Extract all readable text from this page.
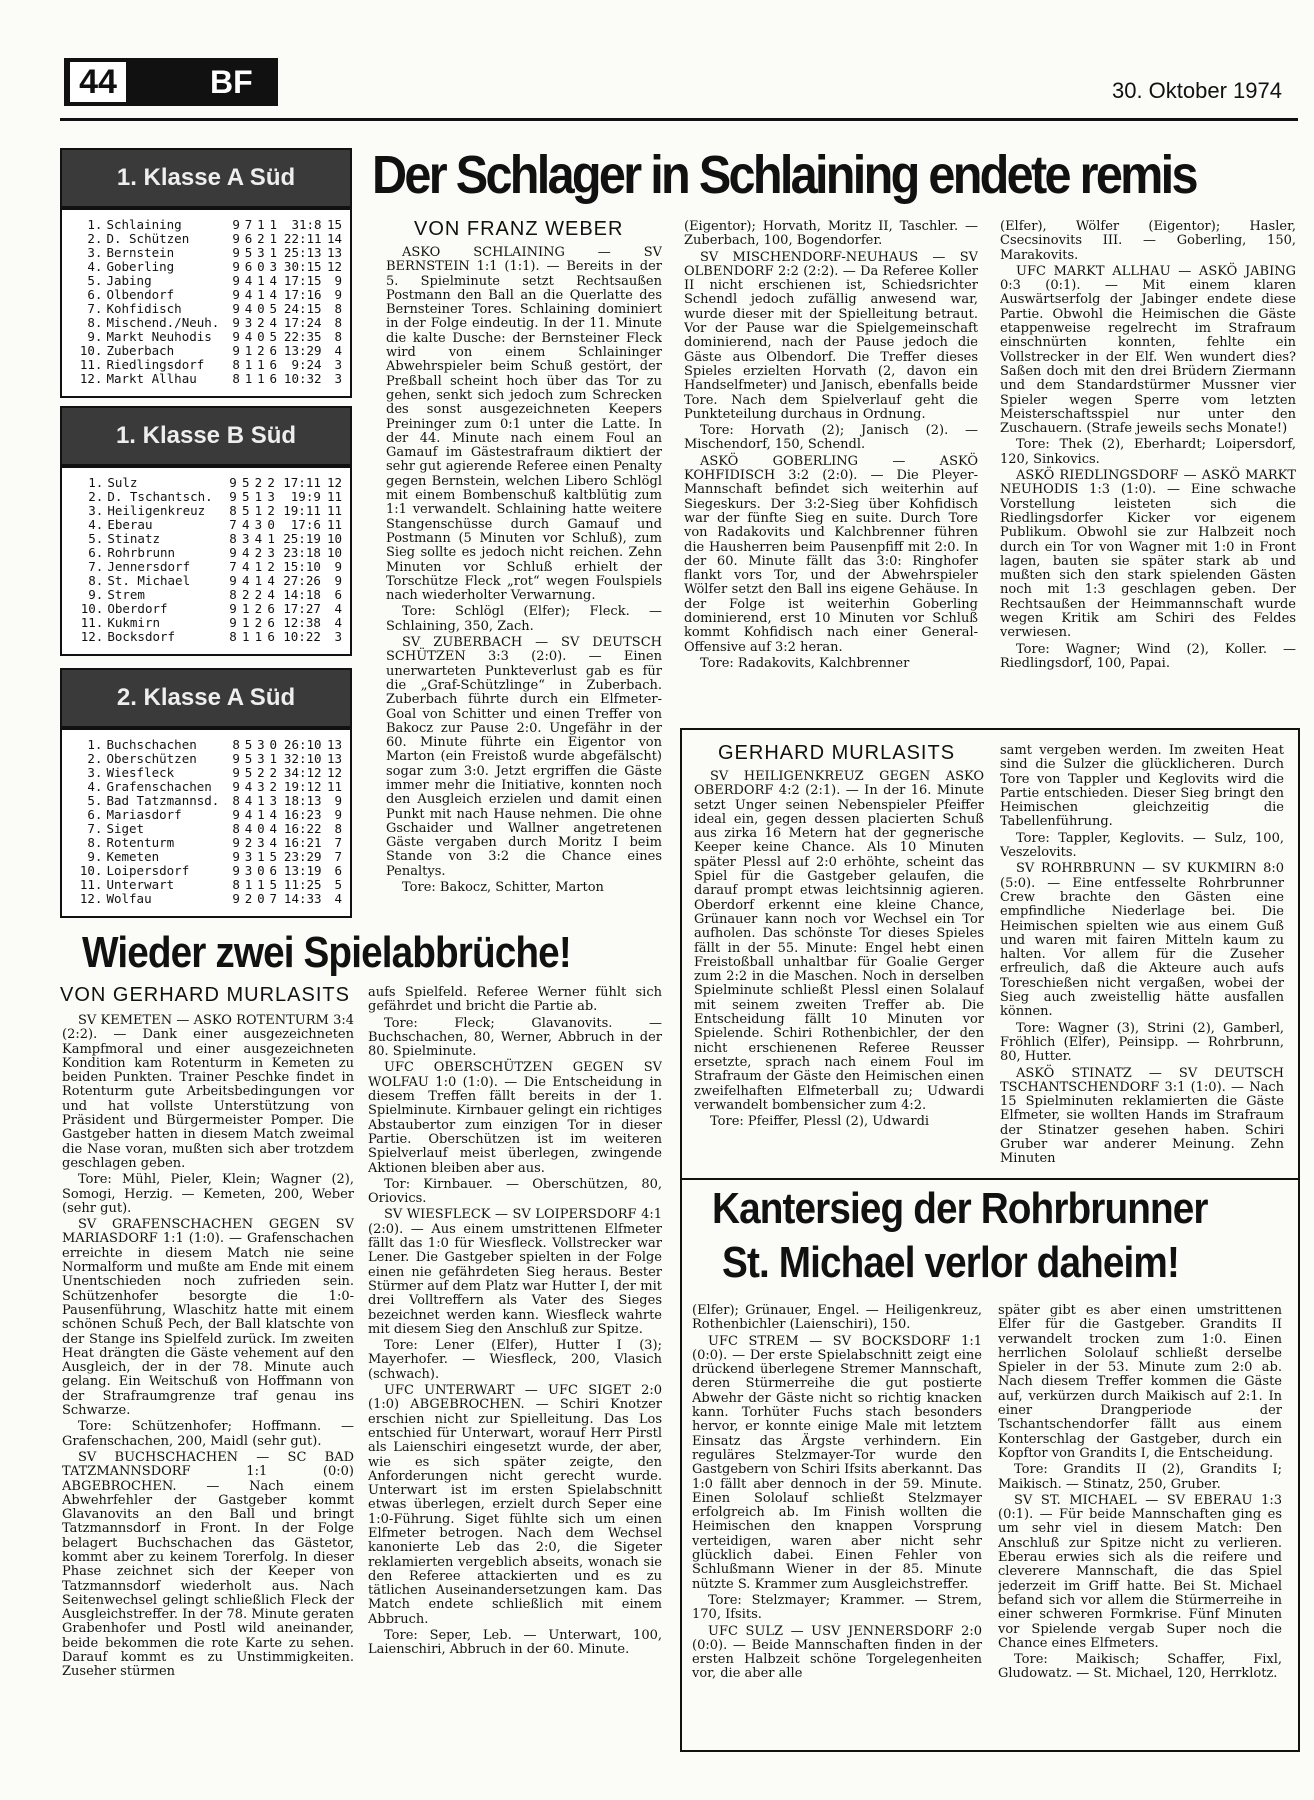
44	BF	30. Oktober 1974
1. Klasse A Süd
1.	Schlaining	9	7	1	1	31:8	15
2.	D. Schützen	9	6	2	1	22:11	14
3.	Bernstein	9	5	3	1	25:13	13
4.	Goberling	9	6	0	3	30:15	12
5.	Jabing	9	4	1	4	17:15	9
6.	Olbendorf	9	4	1	4	17:16	9
7.	Kohfidisch	9	4	0	5	24:15	8
8.	Mischend./Neuh.	9	3	2	4	17:24	8
9.	Markt Neuhodis	9	4	0	5	22:35	8
10.	Zuberbach	9	1	2	6	13:29	4
11.	Riedlingsdorf	8	1	1	6	9:24	3
12.	Markt Allhau	8	1	1	6	10:32	3
1. Klasse B Süd
1.	Sulz	9	5	2	2	17:11	12
2.	D. Tschantsch.	9	5	1	3	19:9	11
3.	Heiligenkreuz	8	5	1	2	19:11	11
4.	Eberau	7	4	3	0	17:6	11
5.	Stinatz	8	3	4	1	25:19	10
6.	Rohrbrunn	9	4	2	3	23:18	10
7.	Jennersdorf	7	4	1	2	15:10	9
8.	St. Michael	9	4	1	4	27:26	9
9.	Strem	8	2	2	4	14:18	6
10.	Oberdorf	9	1	2	6	17:27	4
11.	Kukmirn	9	1	2	6	12:38	4
12.	Bocksdorf	8	1	1	6	10:22	3
2. Klasse A Süd
1.	Buchschachen	8	5	3	0	26:10	13
2.	Oberschützen	9	5	3	1	32:10	13
3.	Wiesfleck	9	5	2	2	34:12	12
4.	Grafenschachen	9	4	3	2	19:12	11
5.	Bad Tatzmannsd.	8	4	1	3	18:13	9
6.	Mariasdorf	9	4	1	4	16:23	9
7.	Siget	8	4	0	4	16:22	8
8.	Rotenturm	9	2	3	4	16:21	7
9.	Kemeten	9	3	1	5	23:29	7
10.	Loipersdorf	9	3	0	6	13:19	6
11.	Unterwart	8	1	1	5	11:25	5
12.	Wolfau	9	2	0	7	14:33	4
Der Schlager in Schlaining endete remis
VON FRANZ WEBER

ASKÖ SCHLAINING — SV BERNSTEIN 1:1 (1:1). — Bereits in der 5. Spielminute setzt Rechtsaußen Postmann den Ball an die Querlatte des Bernsteiner Tores. Schlaining dominiert in der Folge eindeutig. In der 11. Minute die kalte Dusche: der Bernsteiner Fleck wird von einem Schlaininger Abwehrspieler beim Schuß gestört, der Preßball scheint hoch über das Tor zu gehen, senkt sich jedoch zum Schrecken des sonst ausgezeichneten Keepers Preininger zum 0:1 unter die Latte. In der 44. Minute nach einem Foul an Gamauf im Gästestrafraum diktiert der sehr gut agierende Referee einen Penalty gegen Bernstein, welchen Libero Schlögl mit einem Bombenschuß kaltblütig zum 1:1 verwandelt. Schlaining hatte weitere Stangenschüsse durch Gamauf und Postmann (5 Minuten vor Schluß), zum Sieg sollte es jedoch nicht reichen. Zehn Minuten vor Schluß erhielt der Torschütze Fleck „rot“ wegen Foulspiels nach wiederholter Verwarnung.

Tore: Schlögl (Elfer); Fleck. — Schlaining, 350, Zach.

SV ZUBERBACH — SV DEUTSCH SCHÜTZEN 3:3 (2:0). — Einen unerwarteten Punkteverlust gab es für die „Graf-Schützlinge“ in Zuberbach. Zuberbach führte durch ein Elfmeter-Goal von Schitter und einen Treffer von Bakocz zur Pause 2:0. Ungefähr in der 60. Minute führte ein Eigentor von Marton (ein Freistoß wurde abgefälscht) sogar zum 3:0. Jetzt ergriffen die Gäste immer mehr die Initiative, konnten noch den Ausgleich erzielen und damit einen Punkt mit nach Hause nehmen. Die ohne Gschaider und Wallner angetretenen Gäste vergaben durch Moritz I beim Stande von 3:2 die Chance eines Penaltys.

Tore: Bakocz, Schitter, Marton

(Eigentor); Horvath, Moritz II, Taschler. — Zuberbach, 100, Bogendorfer.

SV MISCHENDORF-NEUHAUS — SV OLBENDORF 2:2 (2:2). — Da Referee Koller II nicht erschienen ist, Schiedsrichter Schendl jedoch zufällig anwesend war, wurde dieser mit der Spielleitung betraut. Vor der Pause war die Spielgemeinschaft dominierend, nach der Pause jedoch die Gäste aus Olbendorf. Die Treffer dieses Spieles erzielten Horvath (2, davon ein Handselfmeter) und Janisch, ebenfalls beide Tore. Nach dem Spielverlauf geht die Punkteteilung durchaus in Ordnung.

Tore: Horvath (2); Janisch (2). — Mischendorf, 150, Schendl.

ASKÖ GOBERLING — ASKÖ KOHFIDISCH 3:2 (2:0). — Die Pleyer-Mannschaft befindet sich weiterhin auf Siegeskurs. Der 3:2-Sieg über Kohfidisch war der fünfte Sieg en suite. Durch Tore von Radakovits und Kalchbrenner führen die Hausherren beim Pausenpfiff mit 2:0. In der 60. Minute fällt das 3:0: Ringhofer flankt vors Tor, und der Abwehrspieler Wölfer setzt den Ball ins eigene Gehäuse. In der Folge ist weiterhin Goberling dominierend, erst 10 Minuten vor Schluß kommt Kohfidisch nach einer General-Offensive auf 3:2 heran.

Tore: Radakovits, Kalchbrenner

(Elfer), Wölfer (Eigentor); Hasler, Csecsinovits III. — Goberling, 150, Marakovits.

UFC MARKT ALLHAU — ASKÖ JABING 0:3 (0:1). — Mit einem klaren Auswärtserfolg der Jabinger endete diese Partie. Obwohl die Heimischen die Gäste etappenweise regelrecht im Strafraum einschnürten konnten, fehlte ein Vollstrecker in der Elf. Wen wundert dies? Saßen doch mit den drei Brüdern Ziermann und dem Standardstürmer Mussner vier Spieler wegen Sperre vom letzten Meisterschaftsspiel nur unter den Zuschauern. (Strafe jeweils sechs Monate!)

Tore: Thek (2), Eberhardt; Loipersdorf, 120, Sinkovics.

ASKÖ RIEDLINGSDORF — ASKÖ MARKT NEUHODIS 1:3 (1:0). — Eine schwache Vorstellung leisteten sich die Riedlingsdorfer Kicker vor eigenem Publikum. Obwohl sie zur Halbzeit noch durch ein Tor von Wagner mit 1:0 in Front lagen, bauten sie später stark ab und mußten sich den stark spielenden Gästen noch mit 1:3 geschlagen geben. Der Rechtsaußen der Heimmannschaft wurde wegen Kritik am Schiri des Feldes verwiesen.

Tore: Wagner; Wind (2), Koller. — Riedlingsdorf, 100, Papai.

GERHARD MURLASITS

SV HEILIGENKREUZ GEGEN ASKÖ OBERDORF 4:2 (2:1). — In der 16. Minute setzt Unger seinen Nebenspieler Pfeiffer ideal ein, gegen dessen placierten Schuß aus zirka 16 Metern hat der gegnerische Keeper keine Chance. Als 10 Minuten später Plessl auf 2:0 erhöhte, scheint das Spiel für die Gastgeber gelaufen, die darauf prompt etwas leichtsinnig agieren. Oberdorf erkennt eine kleine Chance, Grünauer kann noch vor Wechsel ein Tor aufholen. Das schönste Tor dieses Spieles fällt in der 55. Minute: Engel hebt einen Freistoßball unhaltbar für Goalie Gerger zum 2:2 in die Maschen. Noch in derselben Spielminute schließt Plessl einen Solalauf mit seinem zweiten Treffer ab. Die Entscheidung fällt 10 Minuten vor Spielende. Schiri Rothenbichler, der den nicht erschienenen Referee Reusser ersetzte, sprach nach einem Foul im Strafraum der Gäste den Heimischen einen zweifelhaften Elfmeterball zu; Udwardi verwandelt bombensicher zum 4:2.

Tore: Pfeiffer, Plessl (2), Udwardi

samt vergeben werden. Im zweiten Heat sind die Sulzer die glücklicheren. Durch Tore von Tappler und Keglovits wird die Partie entschieden. Dieser Sieg bringt den Heimischen gleichzeitig die Tabellenführung.

Tore: Tappler, Keglovits. — Sulz, 100, Veszelovits.

SV ROHRBRUNN — SV KUKMIRN 8:0 (5:0). — Eine entfesselte Rohrbrunner Crew brachte den Gästen eine empfindliche Niederlage bei. Die Heimischen spielten wie aus einem Guß und waren mit fairen Mitteln kaum zu halten. Vor allem für die Zuseher erfreulich, daß die Akteure auch aufs Toreschießen nicht vergaßen, wobei der Sieg auch zweistellig hätte ausfallen können.

Tore: Wagner (3), Strini (2), Gamberl, Fröhlich (Elfer), Peinsipp. — Rohrbrunn, 80, Hutter.

ASKÖ STINATZ — SV DEUTSCH TSCHANTSCHENDORF 3:1 (1:0). — Nach 15 Spielminuten reklamierten die Gäste Elfmeter, sie wollten Hands im Strafraum der Stinatzer gesehen haben. Schiri Gruber war anderer Meinung. Zehn Minuten

Wieder zwei Spielabbrüche!
VON GERHARD MURLASITS

SV KEMETEN — ASKÖ ROTENTURM 3:4 (2:2). — Dank einer ausgezeichneten Kampfmoral und einer ausgezeichneten Kondition kam Rotenturm in Kemeten zu beiden Punkten. Trainer Peschke findet in Rotenturm gute Arbeitsbedingungen vor und hat vollste Unterstützung von Präsident und Bürgermeister Pomper. Die Gastgeber hatten in diesem Match zweimal die Nase voran, mußten sich aber trotzdem geschlagen geben.

Tore: Mühl, Pieler, Klein; Wagner (2), Somogi, Herzig. — Kemeten, 200, Weber (sehr gut).

SV GRAFENSCHACHEN GEGEN SV MARIASDORF 1:1 (1:0). — Grafenschachen erreichte in diesem Match nie seine Normalform und mußte am Ende mit einem Unentschieden noch zufrieden sein. Schützenhofer besorgte die 1:0-Pausenführung, Wlaschitz hatte mit einem schönen Schuß Pech, der Ball klatschte von der Stange ins Spielfeld zurück. Im zweiten Heat drängten die Gäste vehement auf den Ausgleich, der in der 78. Minute auch gelang. Ein Weitschuß von Hoffmann von der Strafraumgrenze traf genau ins Schwarze.

Tore: Schützenhofer; Hoffmann. — Grafenschachen, 200, Maidl (sehr gut).

SV BUCHSCHACHEN — SC BAD TATZMANNSDORF 1:1 (0:0) ABGEBROCHEN. — Nach einem Abwehrfehler der Gastgeber kommt Glavanovits an den Ball und bringt Tatzmannsdorf in Front. In der Folge belagert Buchschachen das Gästetor, kommt aber zu keinem Torerfolg. In dieser Phase zeichnet sich der Keeper von Tatzmannsdorf wiederholt aus. Nach Seitenwechsel gelingt schließlich Fleck der Ausgleichstreffer. In der 78. Minute geraten Grabenhofer und Postl wild aneinander, beide bekommen die rote Karte zu sehen. Darauf kommt es zu Unstimmigkeiten. Zuseher stürmen

aufs Spielfeld. Referee Werner fühlt sich gefährdet und bricht die Partie ab.

Tore: Fleck; Glavanovits. — Buchschachen, 80, Werner, Abbruch in der 80. Spielminute.

UFC OBERSCHÜTZEN GEGEN SV WOLFAU 1:0 (1:0). — Die Entscheidung in diesem Treffen fällt bereits in der 1. Spielminute. Kirnbauer gelingt ein richtiges Abstaubertor zum einzigen Tor in dieser Partie. Oberschützen ist im weiteren Spielverlauf meist überlegen, zwingende Aktionen bleiben aber aus.

Tor: Kirnbauer. — Oberschützen, 80, Oriovics.

SV WIESFLECK — SV LOIPERSDORF 4:1 (2:0). — Aus einem umstrittenen Elfmeter fällt das 1:0 für Wiesfleck. Vollstrecker war Lener. Die Gastgeber spielten in der Folge einen nie gefährdeten Sieg heraus. Bester Stürmer auf dem Platz war Hutter I, der mit drei Volltreffern als Vater des Sieges bezeichnet werden kann. Wiesfleck wahrte mit diesem Sieg den Anschluß zur Spitze.

Tore: Lener (Elfer), Hutter I (3); Mayerhofer. — Wiesfleck, 200, Vlasich (schwach).

UFC UNTERWART — UFC SIGET 2:0 (1:0) ABGEBROCHEN. — Schiri Knotzer erschien nicht zur Spielleitung. Das Los entschied für Unterwart, worauf Herr Pirstl als Laienschiri eingesetzt wurde, der aber, wie es sich später zeigte, den Anforderungen nicht gerecht wurde. Unterwart ist im ersten Spielabschnitt etwas überlegen, erzielt durch Seper eine 1:0-Führung. Siget fühlte sich um einen Elfmeter betrogen. Nach dem Wechsel kanonierte Leb das 2:0, die Sigeter reklamierten vergeblich abseits, wonach sie den Referee attackierten und es zu tätlichen Auseinandersetzungen kam. Das Match endete schließlich mit einem Abbruch.

Tore: Seper, Leb. — Unterwart, 100, Laienschiri, Abbruch in der 60. Minute.

Kantersieg der Rohrbrunner
St. Michael verlor daheim!

(Elfer); Grünauer, Engel. — Heiligenkreuz, Rothenbichler (Laienschiri), 150.

UFC STREM — SV BOCKSDORF 1:1 (0:0). — Der erste Spielabschnitt zeigt eine drückend überlegene Stremer Mannschaft, deren Stürmerreihe die gut postierte Abwehr der Gäste nicht so richtig knacken kann. Torhüter Fuchs stach besonders hervor, er konnte einige Male mit letztem Einsatz das Ärgste verhindern. Ein reguläres Stelzmayer-Tor wurde den Gastgebern von Schiri Ifsits aberkannt. Das 1:0 fällt aber dennoch in der 59. Minute. Einen Sololauf schließt Stelzmayer erfolgreich ab. Im Finish wollten die Heimischen den knappen Vorsprung verteidigen, waren aber nicht sehr glücklich dabei. Einen Fehler von Schlußmann Wiener in der 85. Minute nützte S. Krammer zum Ausgleichstreffer.

Tore: Stelzmayer; Krammer. — Strem, 170, Ifsits.

UFC SULZ — USV JENNERSDORF 2:0 (0:0). — Beide Mannschaften finden in der ersten Halbzeit schöne Torgelegenheiten vor, die aber alle

später gibt es aber einen umstrittenen Elfer für die Gastgeber. Grandits II verwandelt trocken zum 1:0. Einen herrlichen Sololauf schließt derselbe Spieler in der 53. Minute zum 2:0 ab. Nach diesem Treffer kommen die Gäste auf, verkürzen durch Maikisch auf 2:1. In einer Drangperiode der Tschantschendorfer fällt aus einem Konterschlag der Gastgeber, durch ein Kopftor von Grandits I, die Entscheidung.

Tore: Grandits II (2), Grandits I; Maikisch. — Stinatz, 250, Gruber.

SV ST. MICHAEL — SV EBERAU 1:3 (0:1). — Für beide Mannschaften ging es um sehr viel in diesem Match: Den Anschluß zur Spitze nicht zu verlieren. Eberau erwies sich als die reifere und cleverere Mannschaft, die das Spiel jederzeit im Griff hatte. Bei St. Michael befand sich vor allem die Stürmerreihe in einer schweren Formkrise. Fünf Minuten vor Spielende vergab Super noch die Chance eines Elfmeters.

Tore: Maikisch; Schaffer, Fixl, Gludowatz. — St. Michael, 120, Herrklotz.
